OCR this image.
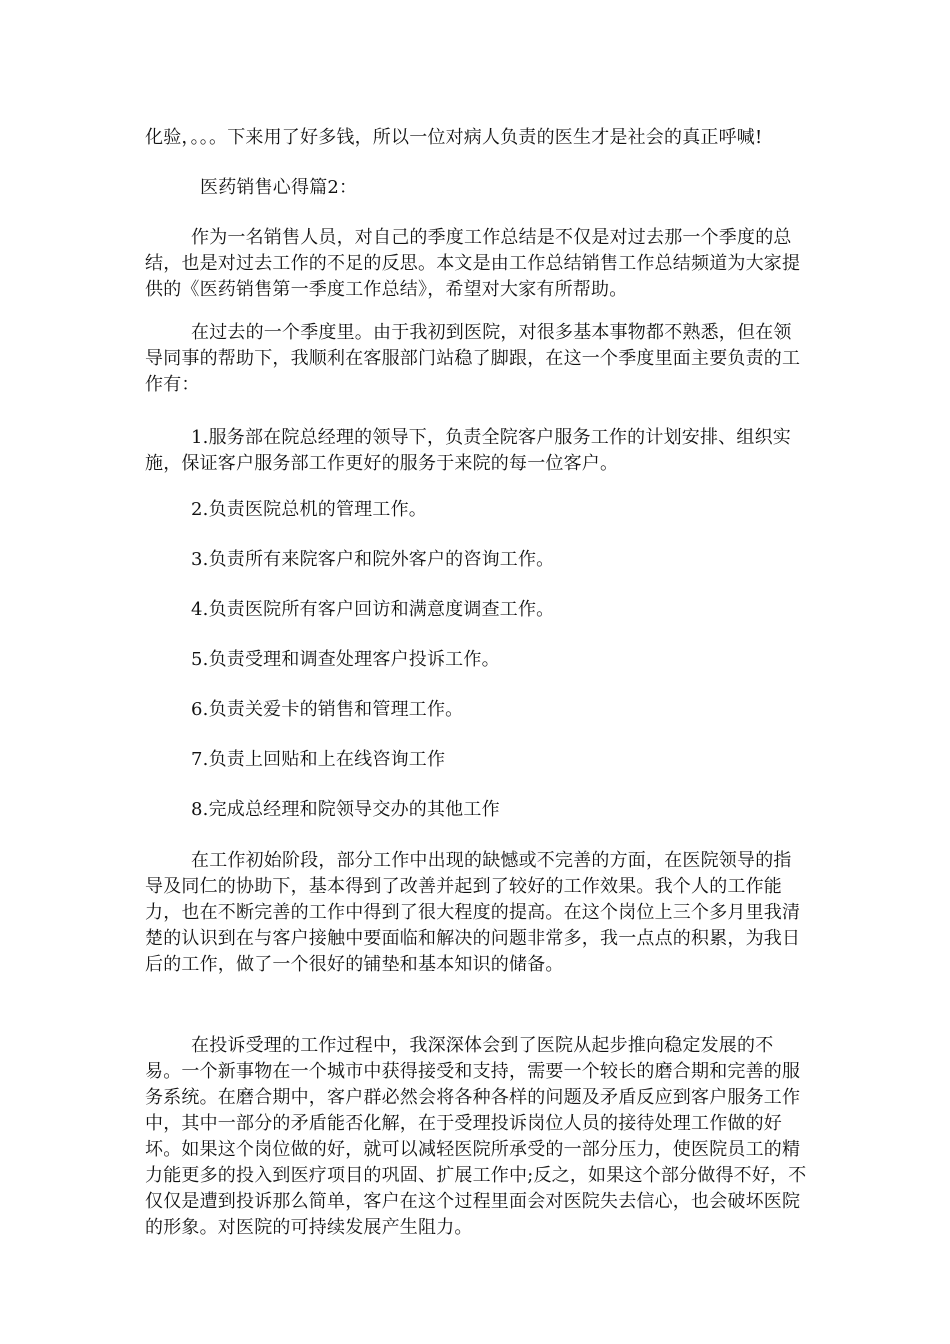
化验，。。。下来用了好多钱，所以一位对病人负责的医生才是社会的真正呼喊!
医药销售心得篇2：
作为一名销售人员，对自己的季度工作总结是不仅是对过去那一个季度的总结，也是对过去工作的不足的反思。本文是由工作总结销售工作总结频道为大家提供的《医药销售第一季度工作总结》，希望对大家有所帮助。
在过去的一个季度里。由于我初到医院，对很多基本事物都不熟悉，但在领导同事的帮助下，我顺利在客服部门站稳了脚跟，在这一个季度里面主要负责的工作有：
1.服务部在院总经理的领导下，负责全院客户服务工作的计划安排、组织实施，保证客户服务部工作更好的服务于来院的每一位客户。
2.负责医院总机的管理工作。
3.负责所有来院客户和院外客户的咨询工作。
4.负责医院所有客户回访和满意度调查工作。
5.负责受理和调查处理客户投诉工作。
6.负责关爱卡的销售和管理工作。
7.负责上回贴和上在线咨询工作
8.完成总经理和院领导交办的其他工作
在工作初始阶段，部分工作中出现的缺憾或不完善的方面，在医院领导的指导及同仁的协助下，基本得到了改善并起到了较好的工作效果。我个人的工作能力，也在不断完善的工作中得到了很大程度的提高。在这个岗位上三个多月里我清楚的认识到在与客户接触中要面临和解决的问题非常多，我一点点的积累，为我日后的工作，做了一个很好的铺垫和基本知识的储备。
在投诉受理的工作过程中，我深深体会到了医院从起步推向稳定发展的不易。一个新事物在一个城市中获得接受和支持，需要一个较长的磨合期和完善的服务系统。在磨合期中，客户群必然会将各种各样的问题及矛盾反应到客户服务工作中，其中一部分的矛盾能否化解，在于受理投诉岗位人员的接待处理工作做的好坏。如果这个岗位做的好，就可以减轻医院所承受的一部分压力，使医院员工的精力能更多的投入到医疗项目的巩固、扩展工作中;反之，如果这个部分做得不好，不仅仅是遭到投诉那么简单，客户在这个过程里面会对医院失去信心，也会破坏医院的形象。对医院的可持续发展产生阻力。
